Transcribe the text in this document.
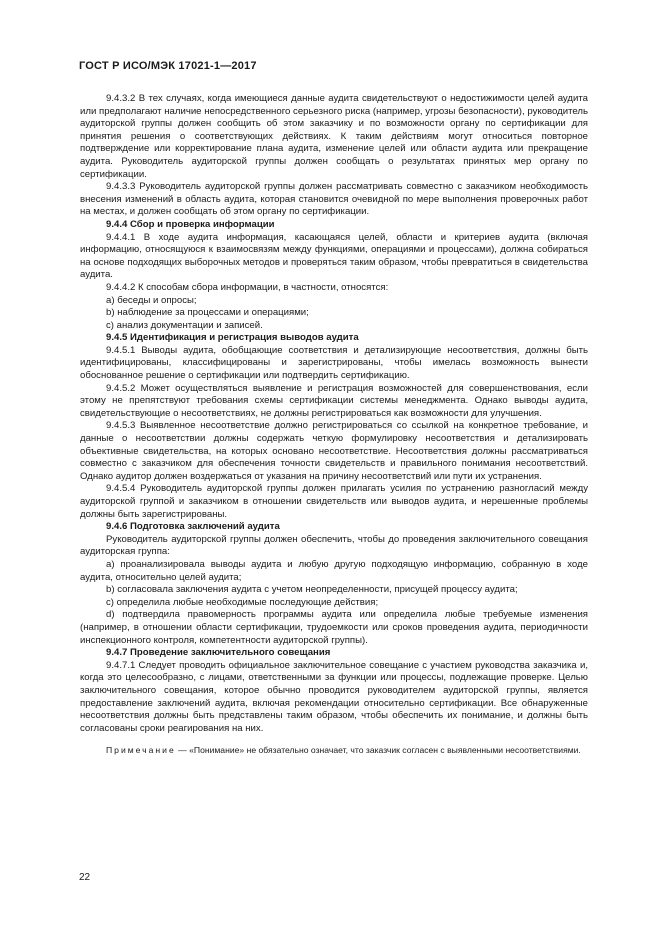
ГОСТ Р ИСО/МЭК 17021-1—2017

9.4.3.2 В тех случаях, когда имеющиеся данные аудита свидетельствуют о недостижимости целей аудита или предполагают наличие непосредственного серьезного риска (например, угрозы безопасности), руководитель аудиторской группы должен сообщить об этом заказчику и по возможности органу по сертификации для принятия решения о соответствующих действиях. К таким действиям могут относиться повторное подтверждение или корректирование плана аудита, изменение целей или области аудита или прекращение аудита. Руководитель аудиторской группы должен сообщать о результатах принятых мер органу по сертификации.

9.4.3.3 Руководитель аудиторской группы должен рассматривать совместно с заказчиком необходимость внесения изменений в область аудита, которая становится очевидной по мере выполнения проверочных работ на местах, и должен сообщать об этом органу по сертификации.

9.4.4 Сбор и проверка информации

9.4.4.1 В ходе аудита информация, касающаяся целей, области и критериев аудита (включая информацию, относящуюся к взаимосвязям между функциями, операциями и процессами), должна собираться на основе подходящих выборочных методов и проверяться таким образом, чтобы превратиться в свидетельства аудита.

9.4.4.2 К способам сбора информации, в частности, относятся:

a) беседы и опросы;

b) наблюдение за процессами и операциями;

c) анализ документации и записей.

9.4.5 Идентификация и регистрация выводов аудита

9.4.5.1 Выводы аудита, обобщающие соответствия и детализирующие несоответствия, должны быть идентифицированы, классифицированы и зарегистрированы, чтобы имелась возможность вынести обоснованное решение о сертификации или подтвердить сертификацию.

9.4.5.2 Может осуществляться выявление и регистрация возможностей для совершенствования, если этому не препятствуют требования схемы сертификации системы менеджмента. Однако выводы аудита, свидетельствующие о несоответствиях, не должны регистрироваться как возможности для улучшения.

9.4.5.3 Выявленное несоответствие должно регистрироваться со ссылкой на конкретное требование, и данные о несоответствии должны содержать четкую формулировку несоответствия и детализировать объективные свидетельства, на которых основано несоответствие. Несоответствия должны рассматриваться совместно с заказчиком для обеспечения точности свидетельств и правильного понимания несоответствий. Однако аудитор должен воздержаться от указания на причину несоответствий или пути их устранения.

9.4.5.4 Руководитель аудиторской группы должен прилагать усилия по устранению разногласий между аудиторской группой и заказчиком в отношении свидетельств или выводов аудита, и нерешенные проблемы должны быть зарегистрированы.

9.4.6 Подготовка заключений аудита

Руководитель аудиторской группы должен обеспечить, чтобы до проведения заключительного совещания аудиторская группа:

a) проанализировала выводы аудита и любую другую подходящую информацию, собранную в ходе аудита, относительно целей аудита;

b) согласовала заключения аудита с учетом неопределенности, присущей процессу аудита;

c) определила любые необходимые последующие действия;

d) подтвердила правомерность программы аудита или определила любые требуемые изменения (например, в отношении области сертификации, трудоемкости или сроков проведения аудита, периодичности инспекционного контроля, компетентности аудиторской группы).

9.4.7 Проведение заключительного совещания

9.4.7.1 Следует проводить официальное заключительное совещание с участием руководства заказчика и, когда это целесообразно, с лицами, ответственными за функции или процессы, подлежащие проверке. Целью заключительного совещания, которое обычно проводится руководителем аудиторской группы, является предоставление заключений аудита, включая рекомендации относительно сертификации. Все обнаруженные несоответствия должны быть представлены таким образом, чтобы обеспечить их понимание, и должны быть согласованы сроки реагирования на них.

Примечание — «Понимание» не обязательно означает, что заказчик согласен с выявленными несоответствиями.

22
